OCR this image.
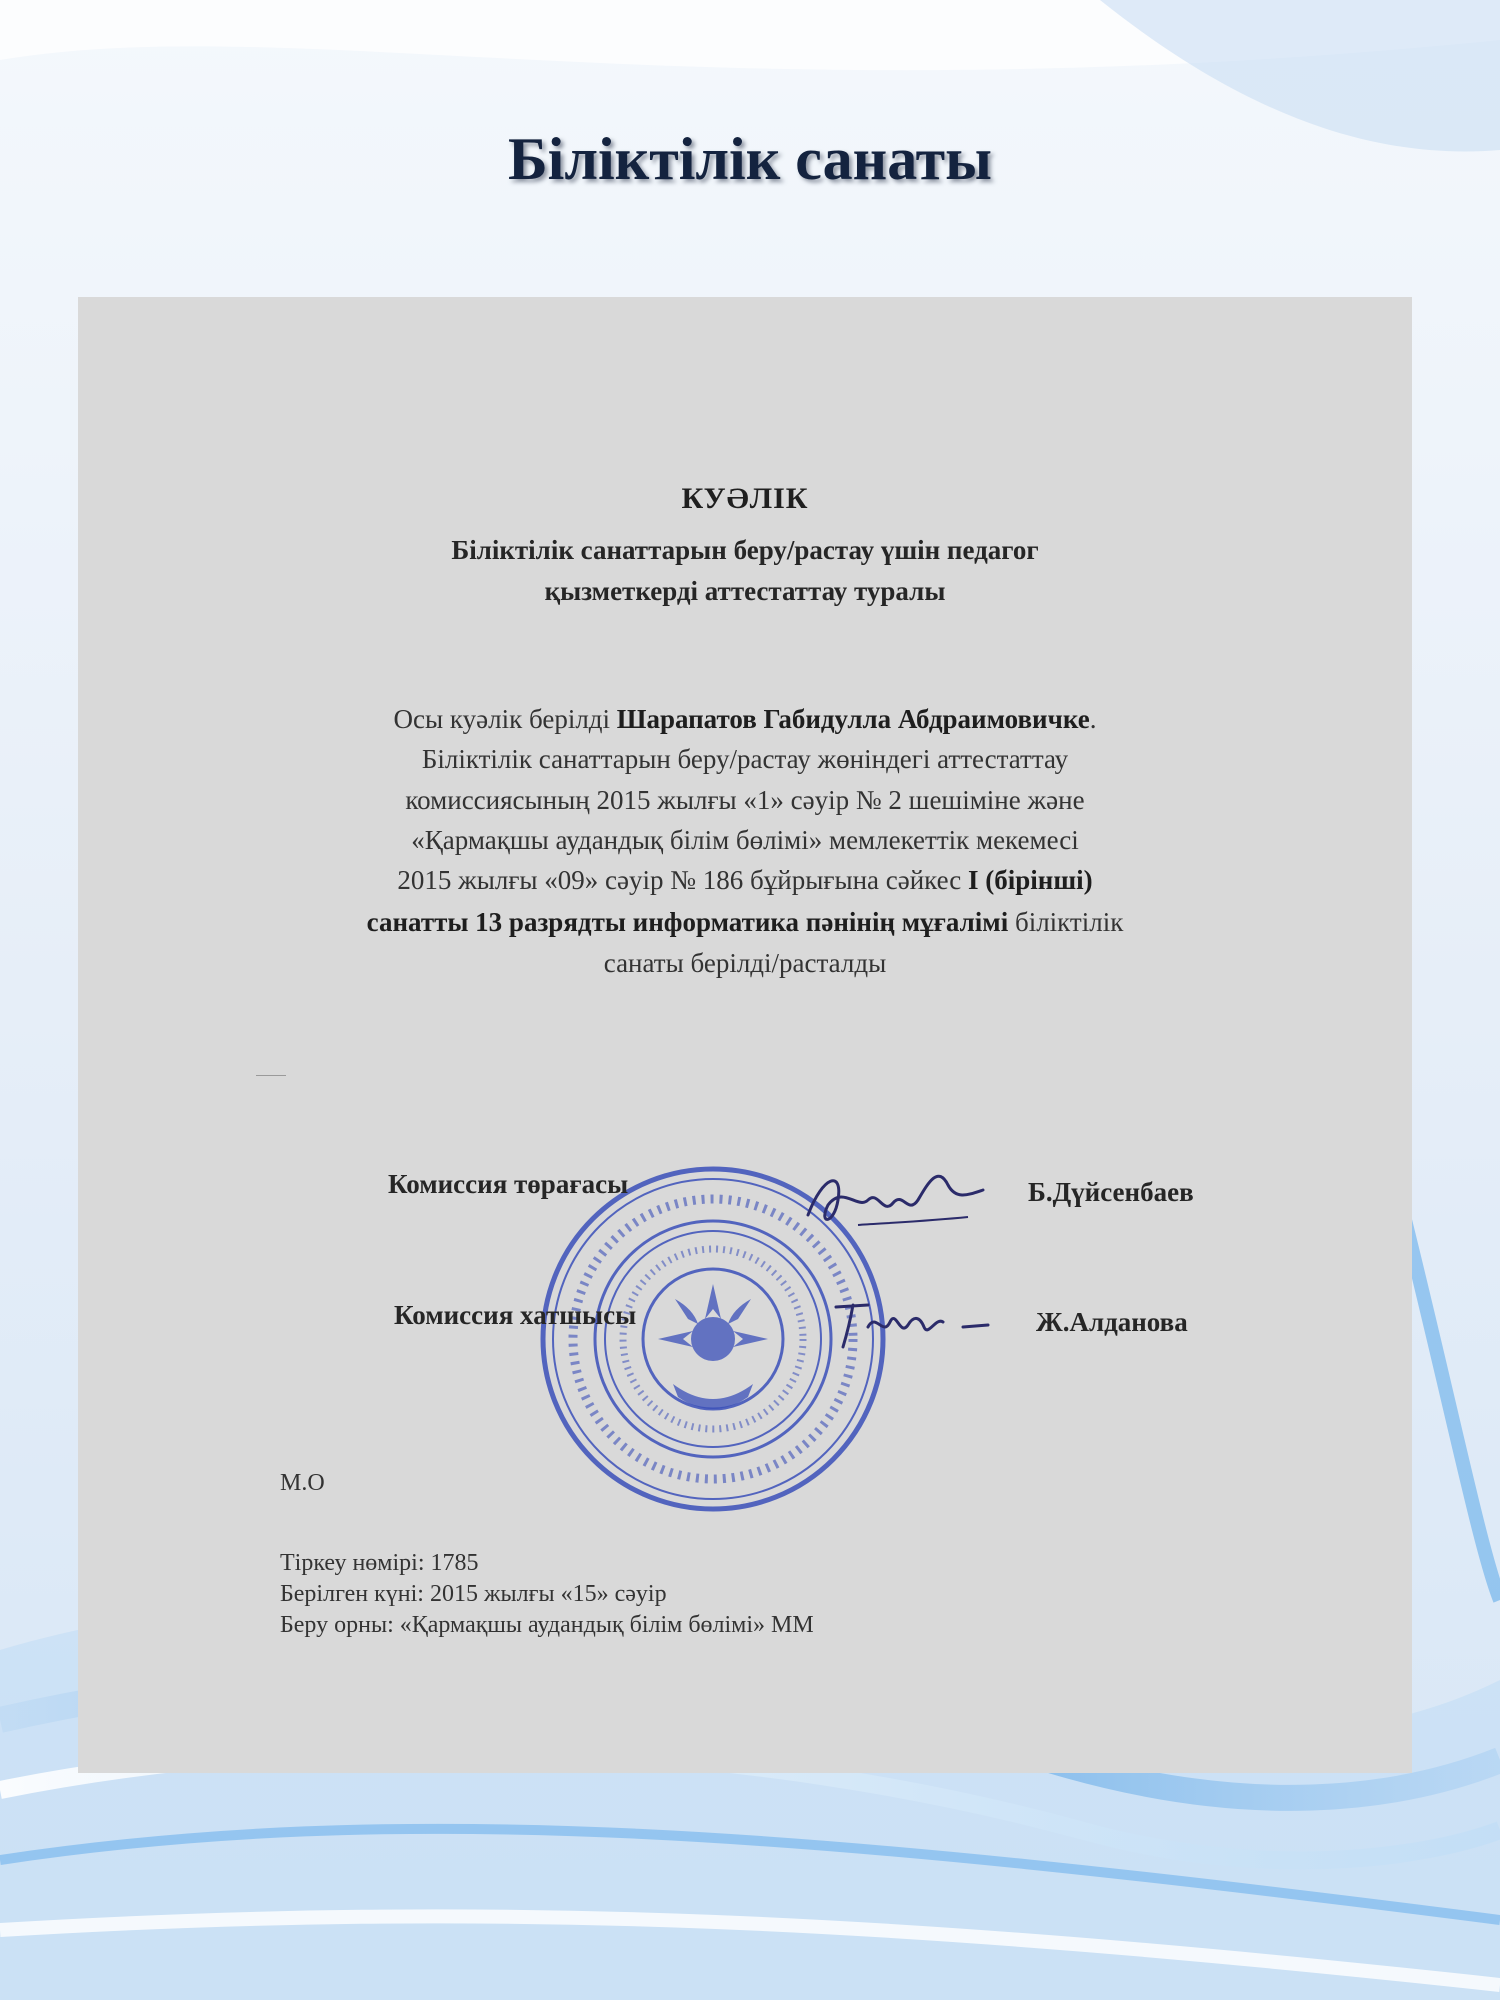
Біліктілік санаты
КУӘЛІК
Біліктілік санаттарын беру/растау үшін педагог
қызметкерді аттестаттау туралы
Осы куәлік берілді Шарапатов Габидулла Абдраимовичке.
Біліктілік санаттарын беру/растау жөніндегі аттестаттау
комиссиясының 2015 жылғы «1» сәуір № 2 шешіміне және
«Қармақшы аудандық білім бөлімі» мемлекеттік мекемесі
2015 жылғы «09» сәуір № 186 бұйрығына сәйкес І (бірінші)
санатты 13 разрядты информатика пәнінің мұғалімі біліктілік
санаты берілді/расталды
Комиссия төрағасы	Б.Дүйсенбаев
Комиссия хатшысы	Ж.Алданова
М.О
Тіркеу нөмірі: 1785
Берілген күні: 2015 жылғы «15» сәуір
Беру орны: «Қармақшы аудандық білім бөлімі» ММ
